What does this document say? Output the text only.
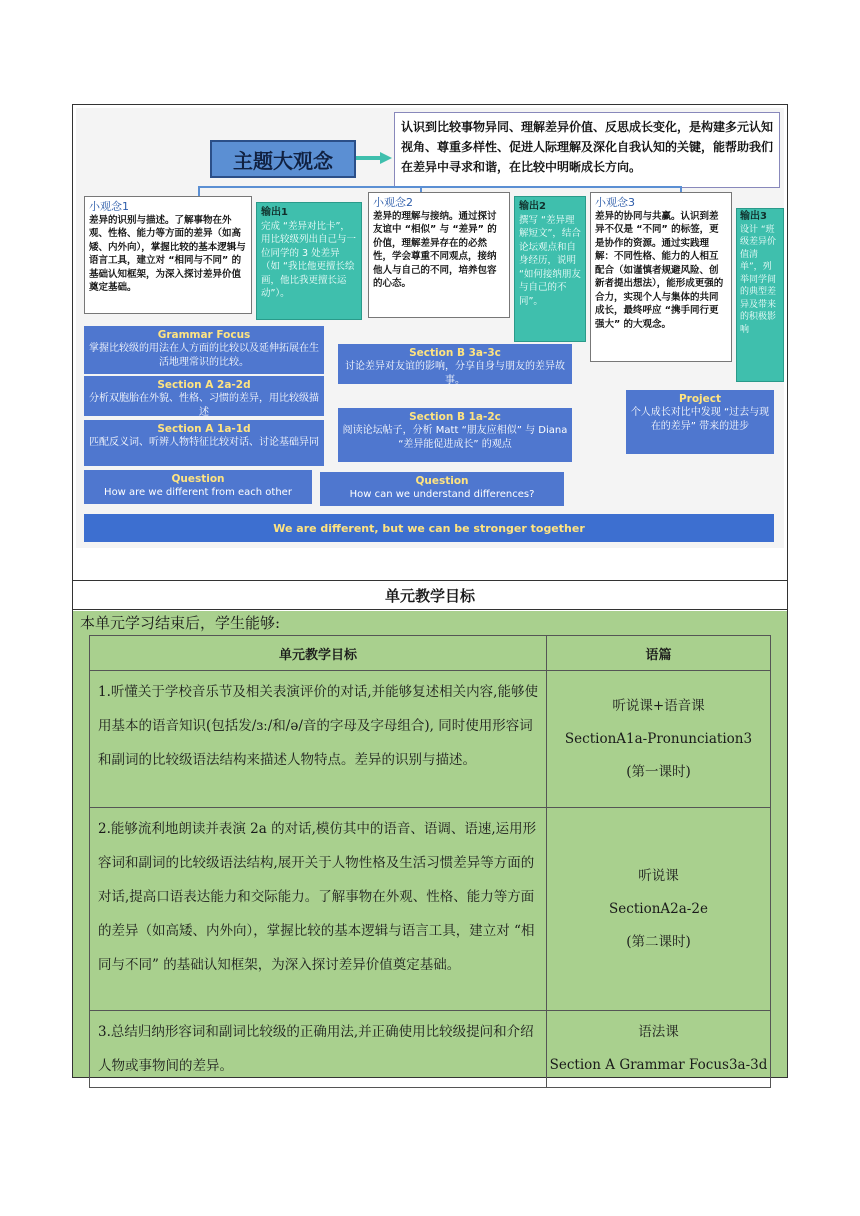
主题大观念
认识到比较事物异同、理解差异价值、反思成长变化，是构建多元认知视角、尊重多样性、促进人际理解及深化自我认知的关键，能帮助我们在差异中寻求和谐，在比较中明晰成长方向。
小观念1
差异的识别与描述。了解事物在外观、性格、能力等方面的差异（如高矮、内外向），掌握比较的基本逻辑与语言工具，建立对 “相同与不同” 的基础认知框架，为深入探讨差异价值奠定基础。
输出1
完成 “差异对比卡”，用比较级列出自己与一位同学的 3 处差异（如 “我比他更擅长绘画，他比我更擅长运动”）。
小观念2
差异的理解与接纳。通过探讨友谊中 “相似” 与 “差异” 的价值，理解差异存在的必然性，学会尊重不同观点，接纳他人与自己的不同，培养包容的心态。
输出2
撰写 “差异理解短文”，结合论坛观点和自身经历，说明 “如何接纳朋友与自己的不同”。
小观念3
差异的协同与共赢。认识到差异不仅是 “不同” 的标签，更是协作的资源。通过实践理解：不同性格、能力的人相互配合（如谨慎者规避风险、创新者提出想法），能形成更强的合力，实现个人与集体的共同成长，最终呼应 “携手同行更强大” 的大观念。
输出3
设计 “班级差异价值清单”，列举同学间的典型差异及带来的积极影响
Grammar Focus
掌握比较级的用法在人方面的比较以及延伸拓展在生活地理常识的比较。
Section A 2a-2d
分析双胞胎在外貌、性格、习惯的差异，用比较级描述
Section A 1a-1d
匹配反义词、听辨人物特征比较对话、讨论基础异同
Question
How are we different from each other
Section B 3a-3c
讨论差异对友谊的影响，分享自身与朋友的差异故事。
Section B 1a-2c
阅读论坛帖子，分析 Matt “朋友应相似” 与 Diana “差异能促进成长” 的观点
Question
How can we understand differences?
Project
个人成长对比中发现 “过去与现在的差异” 带来的进步
We are different, but we can be stronger together
单元教学目标
本单元学习结束后，学生能够:
单元教学目标	语篇
1.听懂关于学校音乐节及相关表演评价的对话,并能够复述相关内容,能够使用基本的语音知识(包括发/ɜː/和/ə/音的字母及字母组合), 同时使用形容词和副词的比较级语法结构来描述人物特点。差异的识别与描述。	听说课+语音课
SectionA1a-Pronunciation3
(第一课时)

2.能够流利地朗读并表演 2a 的对话,模仿其中的语音、语调、语速,运用形容词和副词的比较级语法结构,展开关于人物性格及生活习惯差异等方面的对话,提高口语表达能力和交际能力。了解事物在外观、性格、能力等方面的差异（如高矮、内外向），掌握比较的基本逻辑与语言工具，建立对 “相同与不同” 的基础认知框架，为深入探讨差异价值奠定基础。	听说课
SectionA2a-2e
(第二课时)

3.总结归纳形容词和副词比较级的正确用法,并正确使用比较级提问和介绍人物或事物间的差异。	语法课
Section A Grammar Focus3a-3d
